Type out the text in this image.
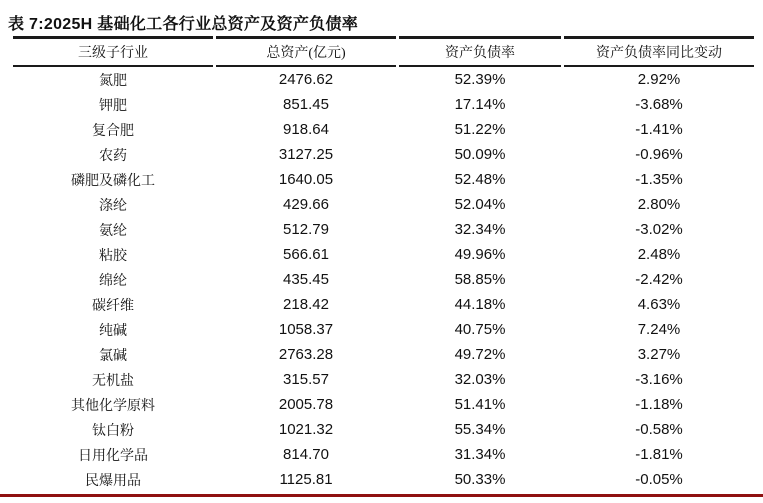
表 7:2025H 基础化工各行业总资产及资产负债率
三级子行业	总资产(亿元)	资产负债率	资产负债率同比变动
氮肥	2476.62	52.39%	2.92%
钾肥	851.45	17.14%	-3.68%
复合肥	918.64	51.22%	-1.41%
农药	3127.25	50.09%	-0.96%
磷肥及磷化工	1640.05	52.48%	-1.35%
涤纶	429.66	52.04%	2.80%
氨纶	512.79	32.34%	-3.02%
粘胶	566.61	49.96%	2.48%
绵纶	435.45	58.85%	-2.42%
碳纤维	218.42	44.18%	4.63%
纯碱	1058.37	40.75%	7.24%
氯碱	2763.28	49.72%	3.27%
无机盐	315.57	32.03%	-3.16%
其他化学原料	2005.78	51.41%	-1.18%
钛白粉	1021.32	55.34%	-0.58%
日用化学品	814.70	31.34%	-1.81%
民爆用品	1125.81	50.33%	-0.05%
